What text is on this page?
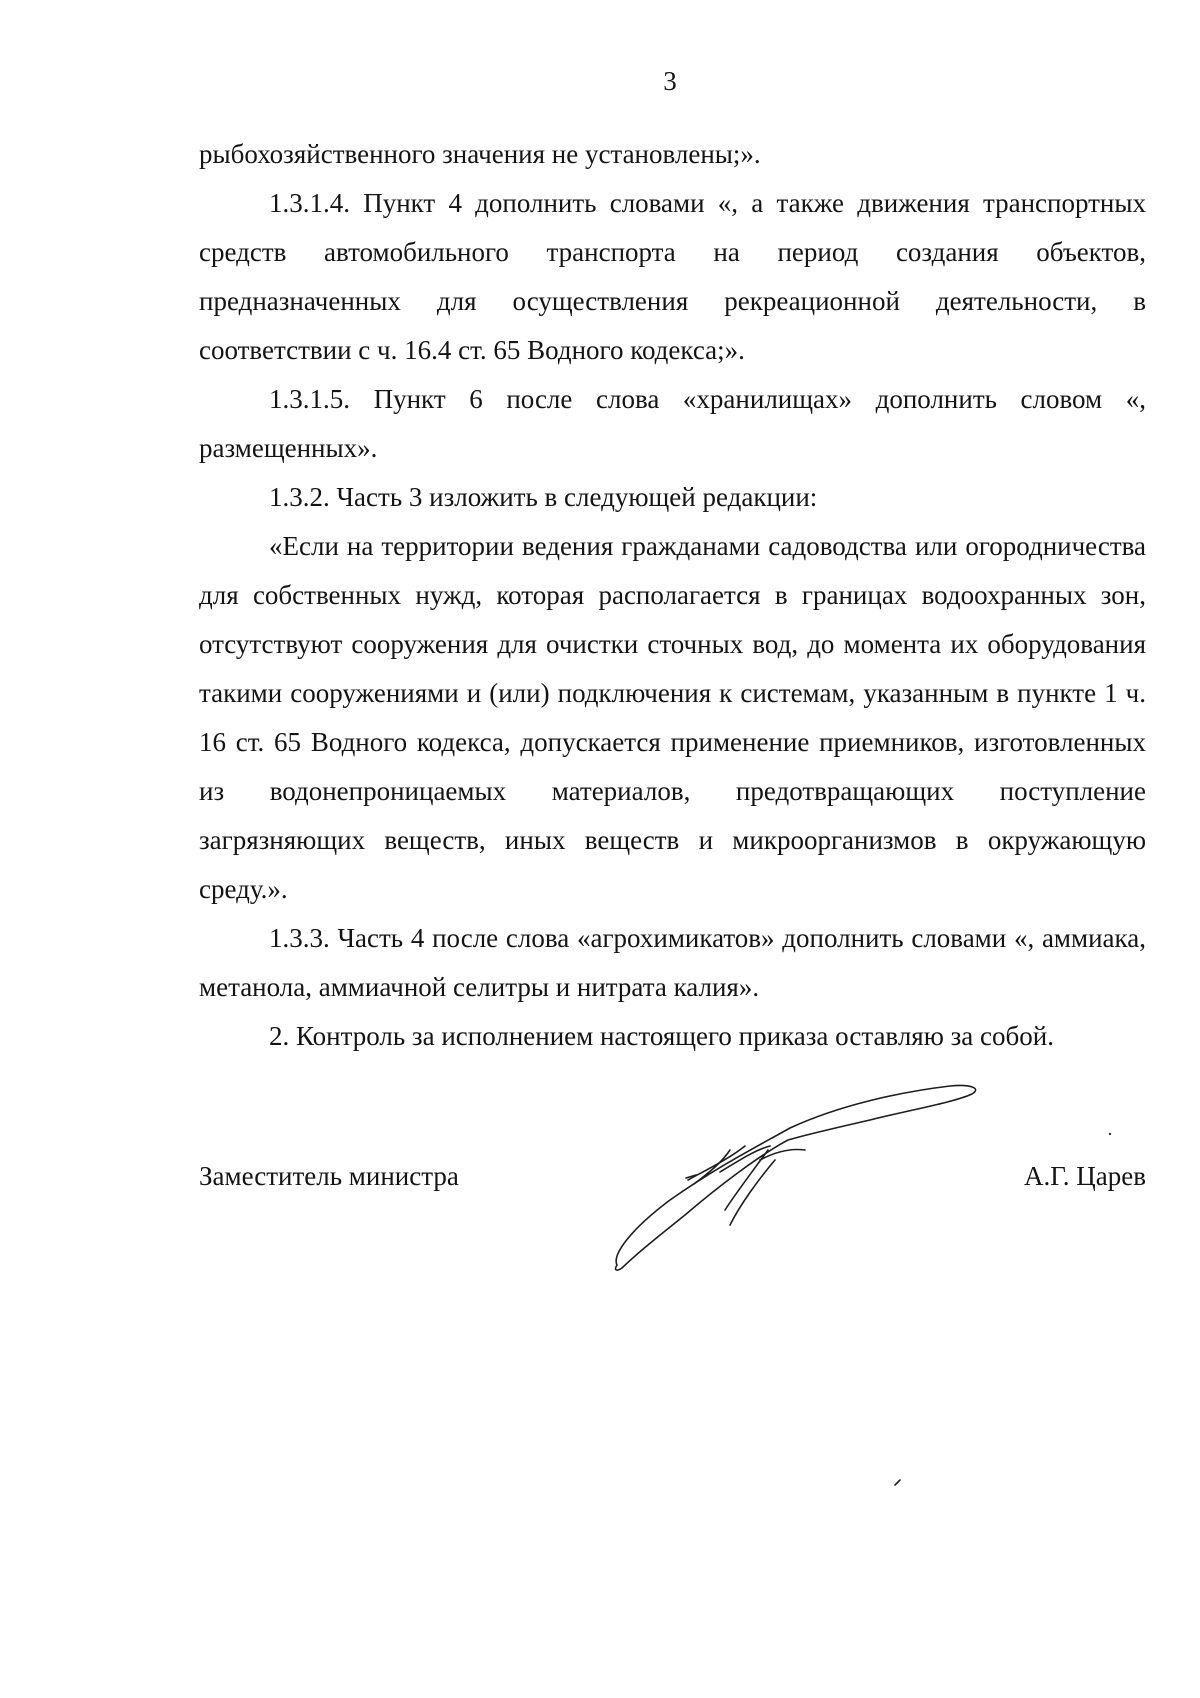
3

рыбохозяйственного значения не установлены;».

1.3.1.4. Пункт 4 дополнить словами «, а также движения транспортных средств автомобильного транспорта на период создания объектов, предназначенных для осуществления рекреационной деятельности, в соответствии с ч. 16.4 ст. 65 Водного кодекса;».

1.3.1.5. Пункт 6 после слова «хранилищах» дополнить словом «, размещенных».

1.3.2. Часть 3 изложить в следующей редакции:

«Если на территории ведения гражданами садоводства или огородничества для собственных нужд, которая располагается в границах водоохранных зон, отсутствуют сооружения для очистки сточных вод, до момента их оборудования такими сооружениями и (или) подключения к системам, указанным в пункте 1 ч. 16 ст. 65 Водного кодекса, допускается применение приемников, изготовленных из водонепроницаемых материалов, предотвращающих поступление загрязняющих веществ, иных веществ и микроорганизмов в окружающую среду.».

1.3.3. Часть 4 после слова «агрохимикатов» дополнить словами «, аммиака, метанола, аммиачной селитры и нитрата калия».

2. Контроль за исполнением настоящего приказа оставляю за собой.

Заместитель министра	А.Г. Царев
